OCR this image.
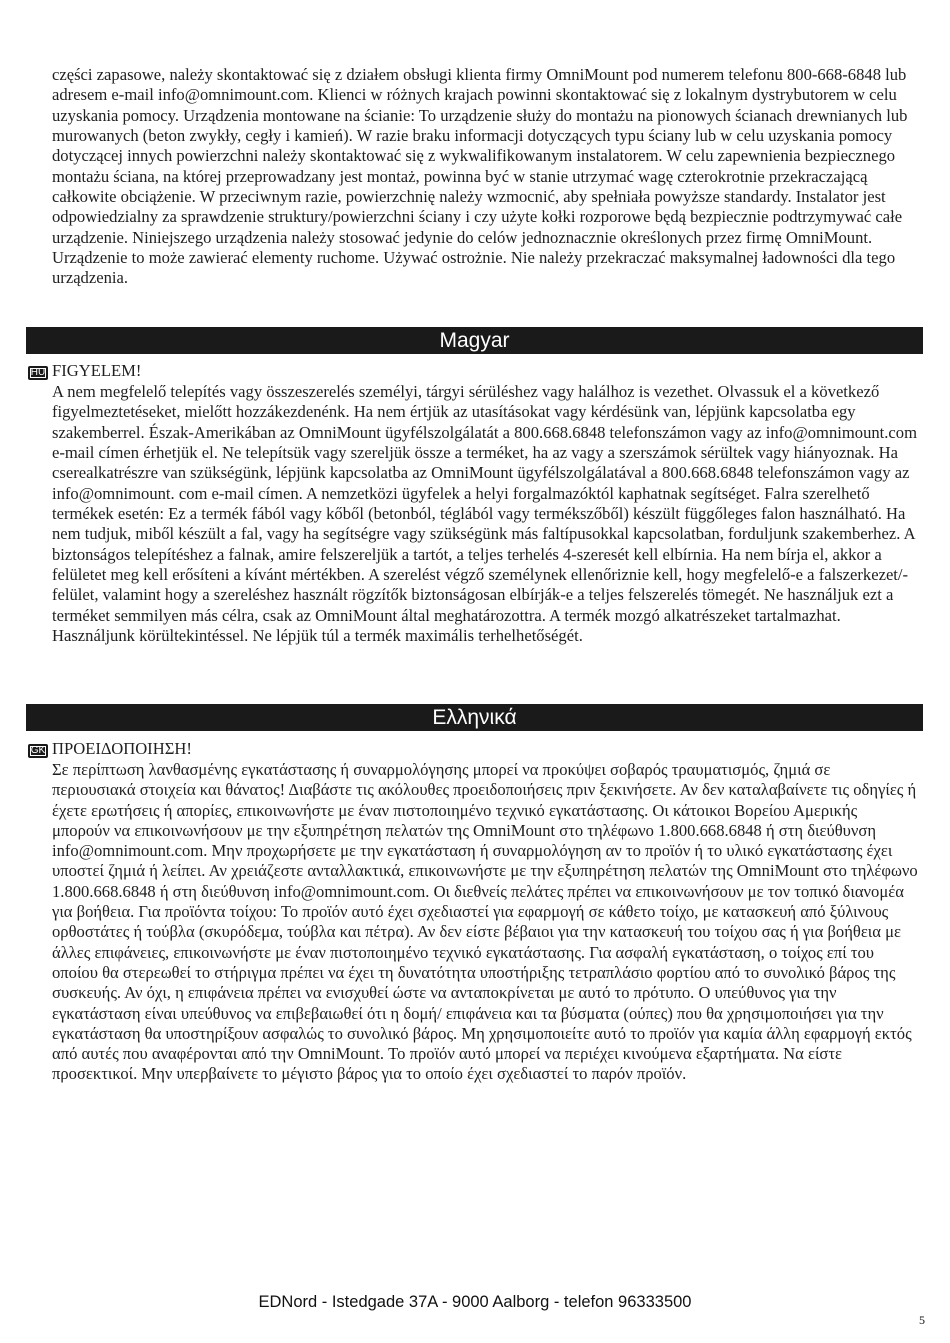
części zapasowe, należy skontaktować się z działem obsługi klienta firmy OmniMount pod numerem telefonu 800-668-6848 lub adresem e-mail info@omnimount.com. Klienci w różnych krajach powinni skontaktować się z lokalnym dystrybutorem w celu uzyskania pomocy. Urządzenia montowane na ścianie: To urządzenie służy do montażu na pionowych ścianach drewnianych lub murowanych (beton zwykły, cegły i kamień). W razie braku informacji dotyczących typu ściany lub w celu uzyskania pomocy dotyczącej innych powierzchni należy skontaktować się z wykwalifikowanym instalatorem. W celu zapewnienia bezpiecznego montażu ściana, na której przeprowadzany jest montaż, powinna być w stanie utrzymać wagę czterokrotnie przekraczającą całkowite obciążenie. W przeciwnym razie, powierzchnię należy wzmocnić, aby spełniała powyższe standardy. Instalator jest odpowiedzialny za sprawdzenie struktury/powierzchni ściany i czy użyte kołki rozporowe będą bezpiecznie podtrzymywać całe urządzenie. Niniejszego urządzenia należy stosować jedynie do celów jednoznacznie określonych przez firmę OmniMount. Urządzenie to może zawierać elementy ruchome. Używać ostrożnie. Nie należy przekraczać maksymalnej ładowności dla tego urządzenia.

Magyar
HU FIGYELEM!

A nem megfelelő telepítés vagy összeszerelés személyi, tárgyi sérüléshez vagy halálhoz is vezethet. Olvassuk el a következő figyelmeztetéseket, mielőtt hozzákezdenénk. Ha nem értjük az utasításokat vagy kérdésünk van, lépjünk kapcsolatba egy szakemberrel. Észak-Amerikában az OmniMount ügyfélszolgálatát a 800.668.6848 telefonszámon vagy az info@omnimount.com e-mail címen érhetjük el. Ne telepítsük vagy szereljük össze a terméket, ha az vagy a szerszámok sérültek vagy hiányoznak. Ha cserealkatrészre van szükségünk, lépjünk kapcsolatba az OmniMount ügyfélszolgálatával a 800.668.6848 telefonszámon vagy az info@omnimount. com e-mail címen. A nemzetközi ügyfelek a helyi forgalmazóktól kaphatnak segítséget. Falra szerelhető termékek esetén: Ez a termék fából vagy kőből (betonból, téglából vagy termékszőből) készült függőleges falon használható. Ha nem tudjuk, miből készült a fal, vagy ha segítségre vagy szükségünk más faltípusokkal kapcsolatban, forduljunk szakemberhez. A biztonságos telepítéshez a falnak, amire felszereljük a tartót, a teljes terhelés 4-szeresét kell elbírnia. Ha nem bírja el, akkor a felületet meg kell erősíteni a kívánt mértékben. A szerelést végző személynek ellenőriznie kell, hogy megfelelő-e a falszerkezet/-felület, valamint hogy a szereléshez használt rögzítők biztonságosan elbírják-e a teljes felszerelés tömegét. Ne használjuk ezt a terméket semmilyen más célra, csak az OmniMount által meghatározottra. A termék mozgó alkatrészeket tartalmazhat. Használjunk körültekintéssel. Ne lépjük túl a termék maximális terhelhetőségét.

Ελληνικά
GK ΠΡΟΕΙΔΟΠΟΙΗΣΗ!

Σε περίπτωση λανθασμένης εγκατάστασης ή συναρμολόγησης μπορεί να προκύψει σοβαρός τραυματισμός, ζημιά σε περιουσιακά στοιχεία και θάνατος! Διαβάστε τις ακόλουθες προειδοποιήσεις πριν ξεκινήσετε. Αν δεν καταλαβαίνετε τις οδηγίες ή έχετε ερωτήσεις ή απορίες, επικοινωνήστε με έναν πιστοποιημένο τεχνικό εγκατάστασης. Οι κάτοικοι Βορείου Αμερικής μπορούν να επικοινωνήσουν με την εξυπηρέτηση πελατών της OmniMount στο τηλέφωνο 1.800.668.6848 ή στη διεύθυνση info@omnimount.com. Μην προχωρήσετε με την εγκατάσταση ή συναρμολόγηση αν το προϊόν ή το υλικό εγκατάστασης έχει υποστεί ζημιά ή λείπει. Αν χρειάζεστε ανταλλακτικά, επικοινωνήστε με την εξυπηρέτηση πελατών της OmniMount στο τηλέφωνο 1.800.668.6848 ή στη διεύθυνση info@omnimount.com. Οι διεθνείς πελάτες πρέπει να επικοινωνήσουν με τον τοπικό διανομέα για βοήθεια. Για προϊόντα τοίχου: Το προϊόν αυτό έχει σχεδιαστεί για εφαρμογή σε κάθετο τοίχο, με κατασκευή από ξύλινους ορθοστάτες ή τούβλα (σκυρόδεμα, τούβλα και πέτρα). Αν δεν είστε βέβαιοι για την κατασκευή του τοίχου σας ή για βοήθεια με άλλες επιφάνειες, επικοινωνήστε με έναν πιστοποιημένο τεχνικό εγκατάστασης. Για ασφαλή εγκατάσταση, ο τοίχος επί του οποίου θα στερεωθεί το στήριγμα πρέπει να έχει τη δυνατότητα υποστήριξης τετραπλάσιο φορτίου από το συνολικό βάρος της συσκευής. Αν όχι, η επιφάνεια πρέπει να ενισχυθεί ώστε να ανταποκρίνεται με αυτό το πρότυπο. Ο υπεύθυνος για την εγκατάσταση είναι υπεύθυνος να επιβεβαιωθεί ότι η δομή/ επιφάνεια και τα βύσματα (ούπες) που θα χρησιμοποιήσει για την εγκατάσταση θα υποστηρίξουν ασφαλώς το συνολικό βάρος. Μη χρησιμοποιείτε αυτό το προϊόν για καμία άλλη εφαρμογή εκτός από αυτές που αναφέρονται από την OmniMount. Το προϊόν αυτό μπορεί να περιέχει κινούμενα εξαρτήματα. Να είστε προσεκτικοί. Μην υπερβαίνετε το μέγιστο βάρος για το οποίο έχει σχεδιαστεί το παρόν προϊόν.

EDNord - Istedgade 37A - 9000 Aalborg - telefon 96333500
5
